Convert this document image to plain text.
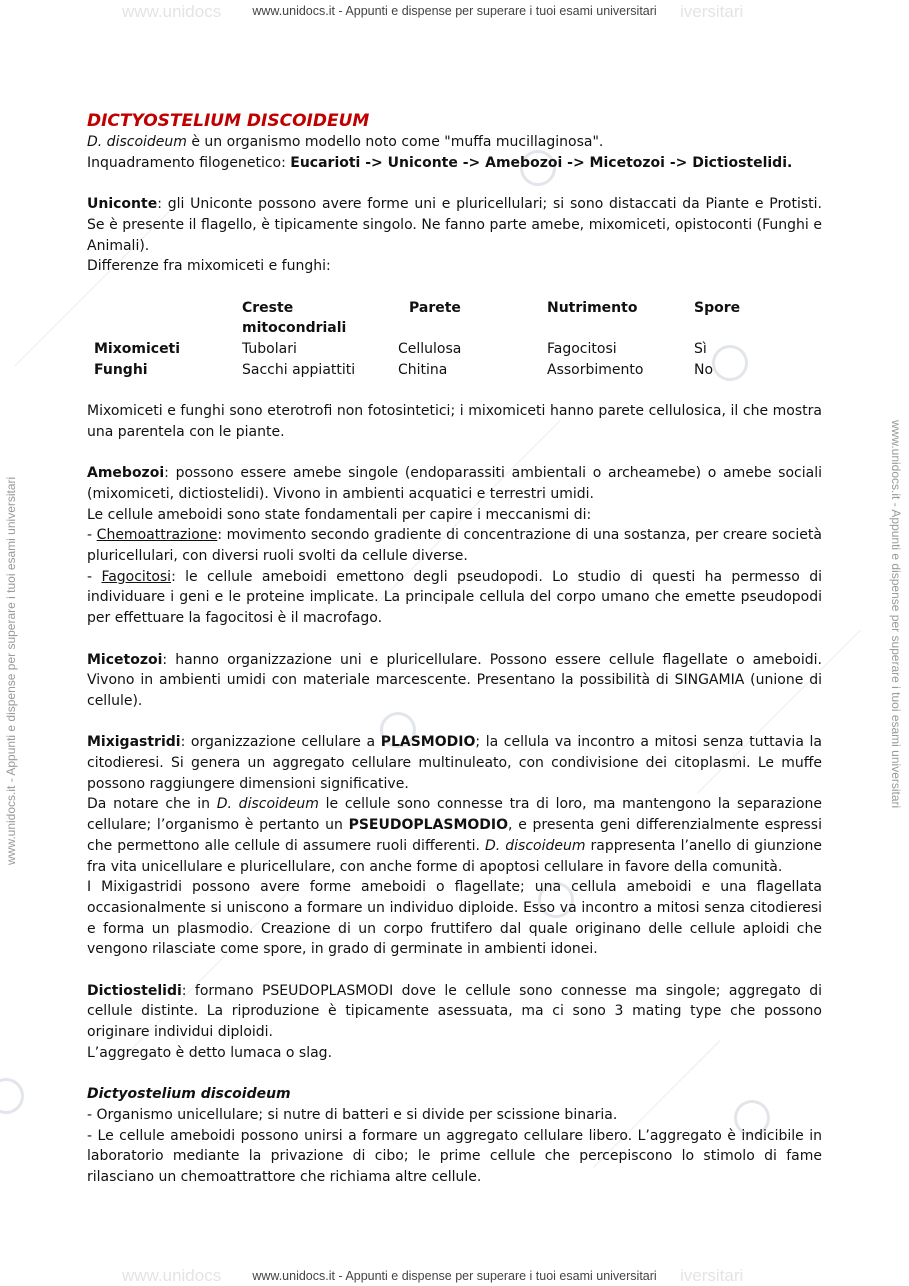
www.unidocs	iversitari
www.unidocs.it - Appunti e dispense per superare i tuoi esami universitari
www.unidocs	iversitari
www.unidocs.it - Appunti e dispense per superare i tuoi esami universitari
www.unidocs.it - Appunti e dispense per superare i tuoi esami universitari	www.unidocs.it - Appunti e dispense per superare i tuoi esami universitari

DICTYOSTELIUM DISCOIDEUM

D. discoideum è un organismo modello noto come "muffa mucillaginosa".

Inquadramento filogenetico: Eucarioti -> Uniconte -> Amebozoi -> Micetozoi -> Dictiostelidi.

Uniconte: gli Uniconte possono avere forme uni e pluricellulari; si sono distaccati da Piante e Protisti. Se è presente il flagello, è tipicamente singolo. Ne fanno parte amebe, mixomiceti, opistoconti (Funghi e Animali).

Differenze fra mixomiceti e funghi:

	Creste mitocondriali	Parete	Nutrimento	Spore
Mixomiceti	Tubolari	Cellulosa	Fagocitosi	Sì
Funghi	Sacchi appiattiti	Chitina	Assorbimento	No

Mixomiceti e funghi sono eterotrofi non fotosintetici; i mixomiceti hanno parete cellulosica, il che mostra una parentela con le piante.

Amebozoi: possono essere amebe singole (endoparassiti ambientali o archeamebe) o amebe sociali (mixomiceti, dictiostelidi). Vivono in ambienti acquatici e terrestri umidi.

Le cellule ameboidi sono state fondamentali per capire i meccanismi di:

- Chemoattrazione: movimento secondo gradiente di concentrazione di una sostanza, per creare società pluricellulari, con diversi ruoli svolti da cellule diverse.

- Fagocitosi: le cellule ameboidi emettono degli pseudopodi. Lo studio di questi ha permesso di individuare i geni e le proteine implicate. La principale cellula del corpo umano che emette pseudopodi per effettuare la fagocitosi è il macrofago.

Micetozoi: hanno organizzazione uni e pluricellulare. Possono essere cellule flagellate o ameboidi. Vivono in ambienti umidi con materiale marcescente. Presentano la possibilità di SINGAMIA (unione di cellule).

Mixigastridi: organizzazione cellulare a PLASMODIO; la cellula va incontro a mitosi senza tuttavia la citodieresi. Si genera un aggregato cellulare multinuleato, con condivisione dei citoplasmi. Le muffe possono raggiungere dimensioni significative.

Da notare che in D. discoideum le cellule sono connesse tra di loro, ma mantengono la separazione cellulare; l’organismo è pertanto un PSEUDOPLASMODIO, e presenta geni differenzialmente espressi che permettono alle cellule di assumere ruoli differenti. D. discoideum rappresenta l’anello di giunzione fra vita unicellulare e pluricellulare, con anche forme di apoptosi cellulare in favore della comunità.

I Mixigastridi possono avere forme ameboidi o flagellate; una cellula ameboidi e una flagellata occasionalmente si uniscono a formare un individuo diploide. Esso va incontro a mitosi senza citodieresi e forma un plasmodio. Creazione di un corpo fruttifero dal quale originano delle cellule aploidi che vengono rilasciate come spore, in grado di germinate in ambienti idonei.

Dictiostelidi: formano PSEUDOPLASMODI dove le cellule sono connesse ma singole; aggregato di cellule distinte. La riproduzione è tipicamente asessuata, ma ci sono 3 mating type che possono originare individui diploidi.

L’aggregato è detto lumaca o slag.

Dictyostelium discoideum

- Organismo unicellulare; si nutre di batteri e si divide per scissione binaria.

- Le cellule ameboidi possono unirsi a formare un aggregato cellulare libero. L’aggregato è indicibile in laboratorio mediante la privazione di cibo; le prime cellule che percepiscono lo stimolo di fame rilasciano un chemoattrattore che richiama altre cellule.
